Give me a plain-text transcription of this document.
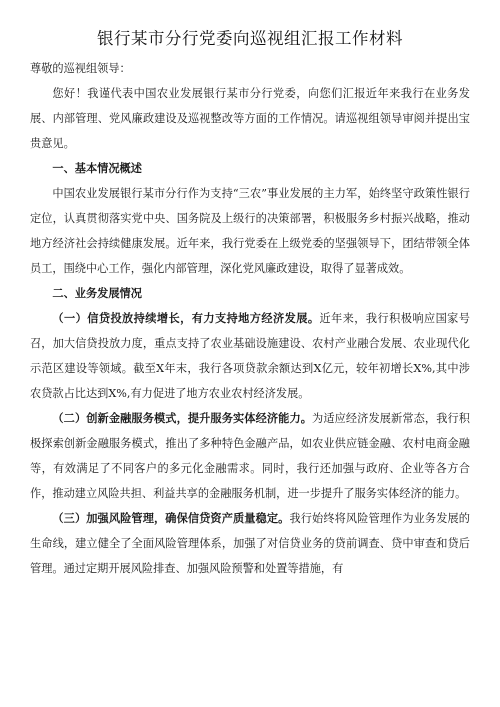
银行某市分行党委向巡视组汇报工作材料

尊敬的巡视组领导：

您好！我谨代表中国农业发展银行某市分行党委，向您们汇报近年来我行在业务发展、内部管理、党风廉政建设及巡视整改等方面的工作情况。请巡视组领导审阅并提出宝贵意见。

一、基本情况概述

中国农业发展银行某市分行作为支持“三农”事业发展的主力军，始终坚守政策性银行定位，认真贯彻落实党中央、国务院及上级行的决策部署，积极服务乡村振兴战略，推动地方经济社会持续健康发展。近年来，我行党委在上级党委的坚强领导下，团结带领全体员工，围绕中心工作，强化内部管理，深化党风廉政建设，取得了显著成效。

二、业务发展情况

（一）信贷投放持续增长，有力支持地方经济发展。近年来，我行积极响应国家号召，加大信贷投放力度，重点支持了农业基础设施建设、农村产业融合发展、农业现代化示范区建设等领域。截至X年末，我行各项贷款余额达到X亿元，较年初增长X%,其中涉农贷款占比达到X%,有力促进了地方农业农村经济发展。

（二）创新金融服务模式，提升服务实体经济能力。为适应经济发展新常态，我行积极探索创新金融服务模式，推出了多种特色金融产品，如农业供应链金融、农村电商金融等，有效满足了不同客户的多元化金融需求。同时，我行还加强与政府、企业等各方合作，推动建立风险共担、利益共享的金融服务机制，进一步提升了服务实体经济的能力。

（三）加强风险管理，确保信贷资产质量稳定。我行始终将风险管理作为业务发展的生命线，建立健全了全面风险管理体系，加强了对信贷业务的贷前调查、贷中审查和贷后管理。通过定期开展风险排查、加强风险预警和处置等措施，有
